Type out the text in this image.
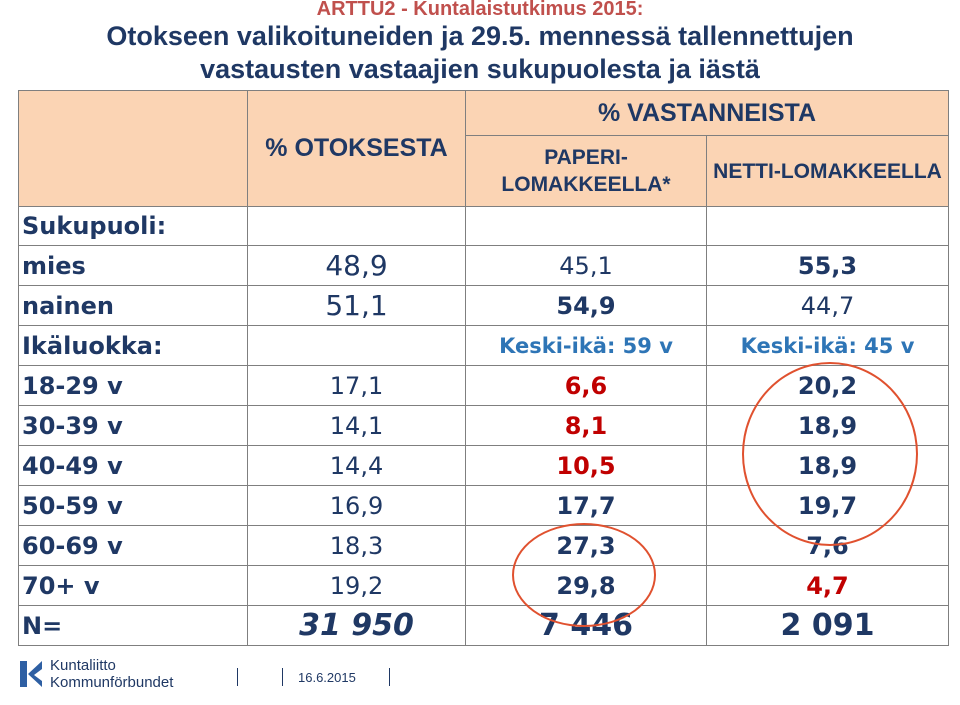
ARTTU2 - Kuntalaistutkimus 2015:
Otokseen valikoituneiden ja 29.5. mennessä tallennettujen
vastausten vastaajien sukupuolesta ja iästä
	% OTOKSESTA	% VASTANNEISTA	
		PAPERI-LOMAKKEELLA*	NETTI-LOMAKKEELLA
Sukupuoli:			
mies	48,9	45,1	55,3
nainen	51,1	54,9	44,7
Ikäluokka:		Keski-ikä: 59 v	Keski-ikä: 45 v
18-29 v	17,1	6,6	20,2
30-39 v	14,1	8,1	18,9
40-49 v	14,4	10,5	18,9
50-59 v	16,9	17,7	19,7
60-69 v	18,3	27,3	7,6
70+ v	19,2	29,8	4,7
N=	31 950	7 446	2 091
Kuntaliitto
Kommunförbundet	16.6.2015
